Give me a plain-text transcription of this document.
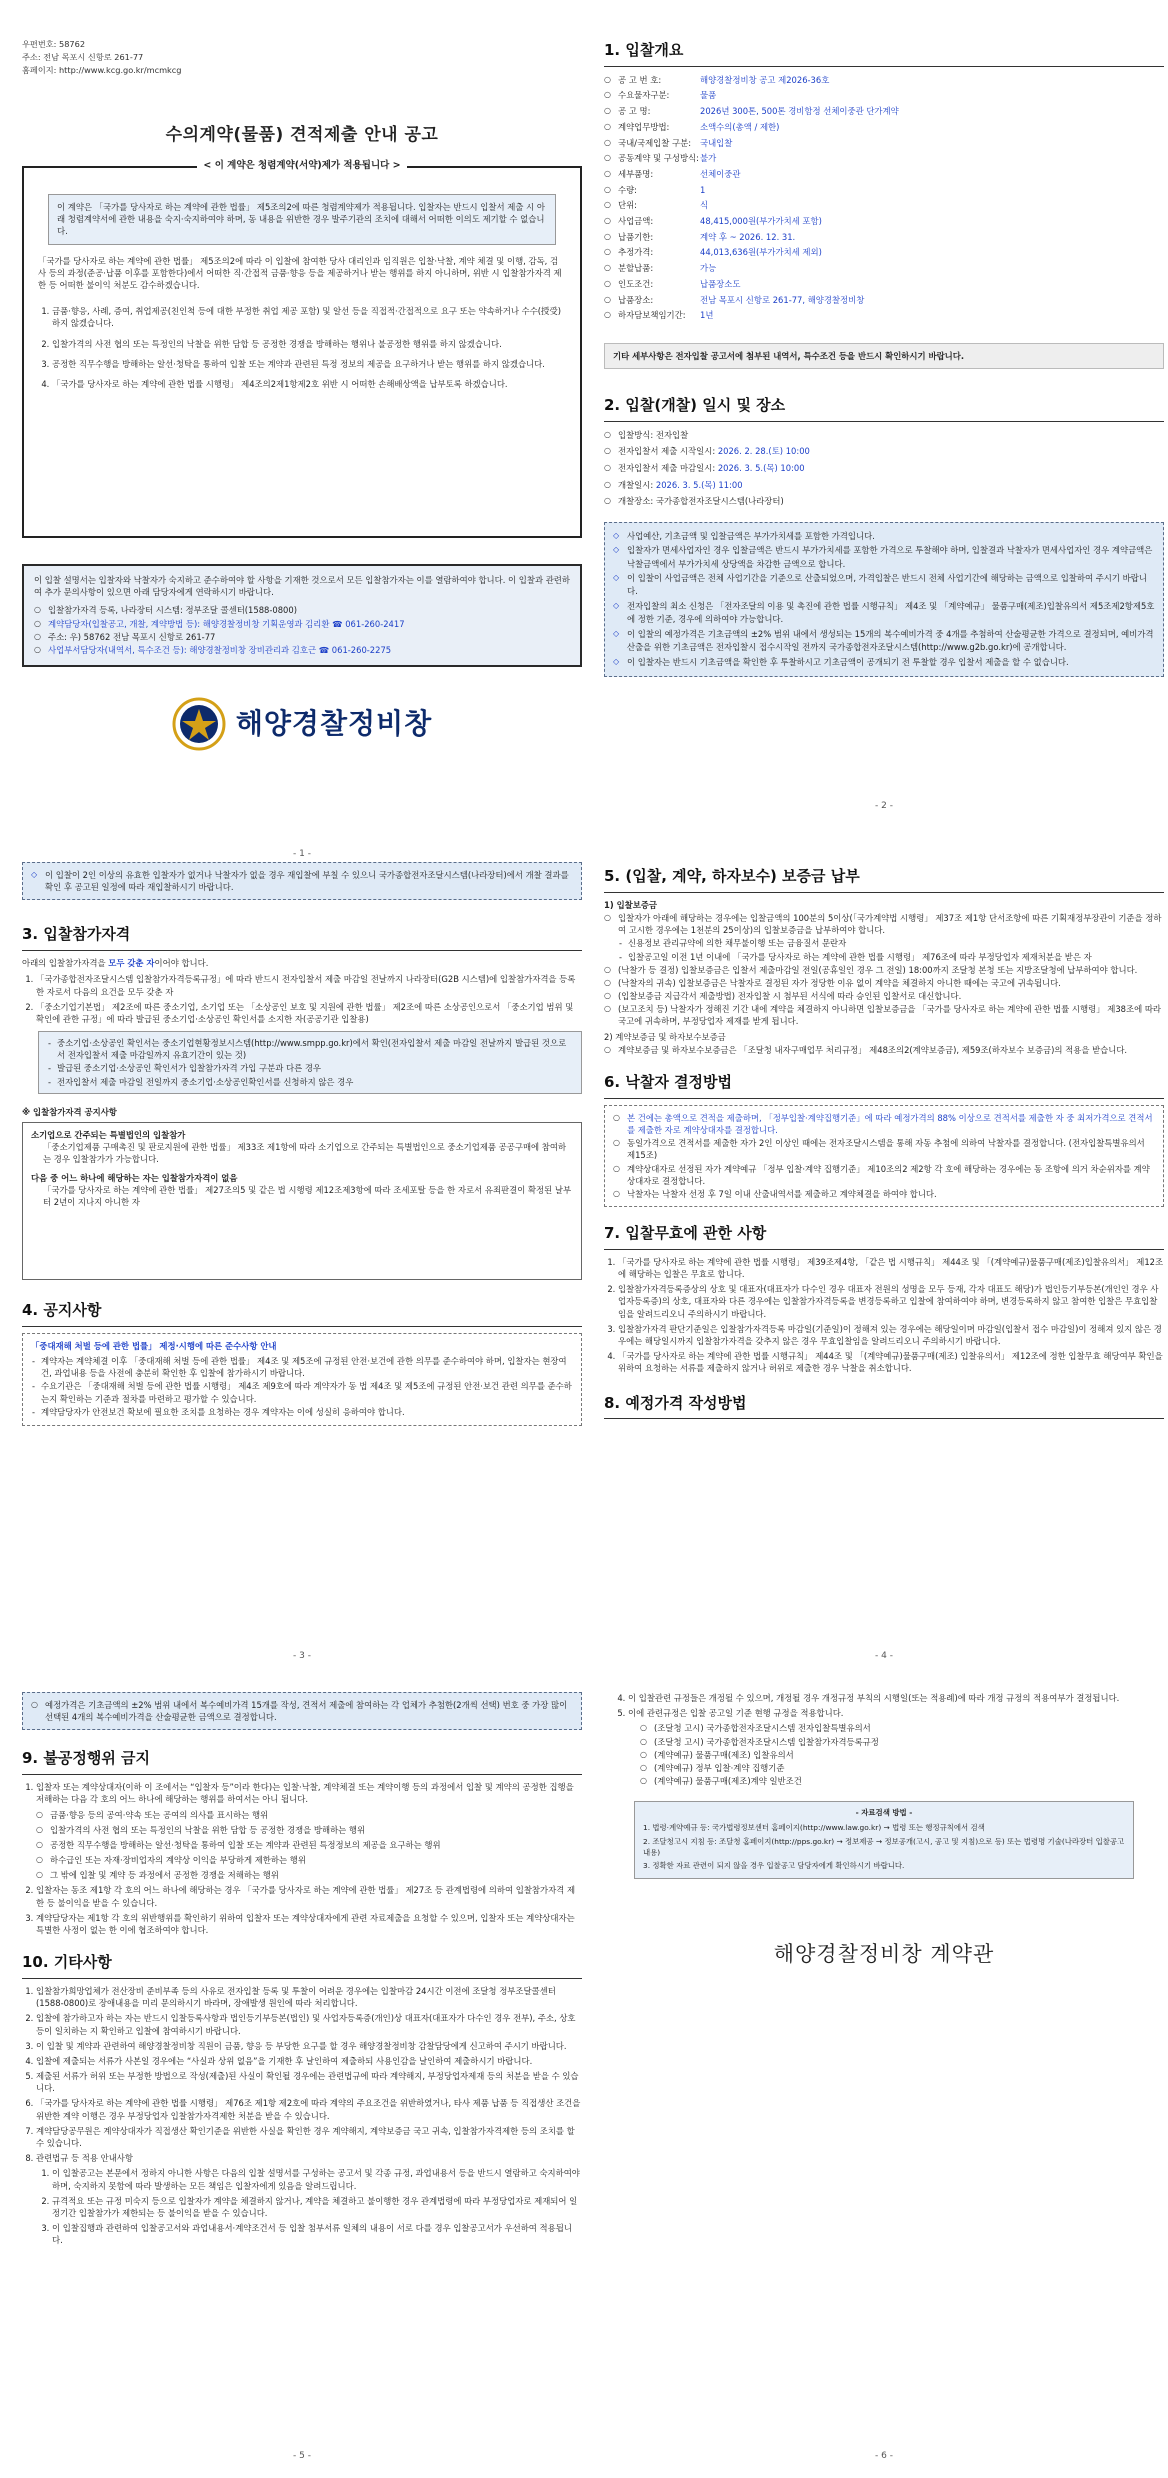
우편번호: 58762
주소: 전남 목포시 신항로 261-77
홈페이지: http://www.kcg.go.kr/mcmkcg
수의계약(물품) 견적제출 안내 공고
< 이 계약은 청렴계약(서약)제가 적용됩니다 >
이 계약은 「국가를 당사자로 하는 계약에 관한 법률」 제5조의2에 따른 청렴계약제가 적용됩니다. 입찰자는 반드시 입찰서 제출 시 아래 청렴계약서에 관한 내용을 숙지·숙지하여야 하며, 동 내용을 위반한 경우 발주기관의 조치에 대해서 어떠한 이의도 제기할 수 없습니다.
「국가를 당사자로 하는 계약에 관한 법률」 제5조의2에 따라 이 입찰에 참여한 당사 대리인과 임직원은 입찰·낙찰, 계약 체결 및 이행, 감독, 검사 등의 과정(준공·납품 이후를 포함한다)에서 어떠한 직·간접적 금품·향응 등을 제공하거나 받는 행위를 하지 아니하며, 위반 시 입찰참가자격 제한 등 어떠한 불이익 처분도 감수하겠습니다.
1. 금품·향응, 사례, 증여, 취업제공(친인척 등에 대한 부정한 취업 제공 포함) 및 알선 등을 직접적·간접적으로 요구 또는 약속하거나 수수(授受)하지 않겠습니다.
2. 입찰가격의 사전 협의 또는 특정인의 낙찰을 위한 담합 등 공정한 경쟁을 방해하는 행위나 불공정한 행위를 하지 않겠습니다.
3. 공정한 직무수행을 방해하는 알선·청탁을 통하여 입찰 또는 계약과 관련된 특정 정보의 제공을 요구하거나 받는 행위를 하지 않겠습니다.
4. 「국가를 당사자로 하는 계약에 관한 법률 시행령」 제4조의2제1항제2호 위반 시 어떠한 손해배상액을 납부토록 하겠습니다.
이 입찰 설명서는 입찰자와 낙찰자가 숙지하고 준수하여야 할 사항을 기재한 것으로서 모든 입찰참가자는 이를 열람하여야 합니다. 이 입찰과 관련하여 추가 문의사항이 있으면 아래 담당자에게 연락하시기 바랍니다.
○ 입찰참가자격 등록, 나라장터 시스템: 정부조달 콜센터(1588-0800)
○ 계약담당자(입찰공고, 개찰, 계약방법 등): 해양경찰정비창 기획운영과 김리환 ☎ 061-260-2417
○ 주소: 우) 58762 전남 목포시 신항로 261-77
○ 사업부서담당자(내역서, 특수조건 등): 해양경찰정비창 장비관리과 김호근 ☎ 061-260-2275
해양경찰정비창
- 1 -
1. 입찰개요
○ 공 고 번 호:	해양경찰정비창 공고 제2026-36호
○ 수요물자구분:	물품
○ 공 고 명:	2026년 300톤, 500톤 경비함정 선체이중관 단가계약
○ 계약업무방법:	소액수의(총액 / 제한)
○ 국내/국제입찰 구분: 국내입찰
○ 공동계약 및 구성방식:불가
○ 세부품명:	선체이중관
○ 수량:	1
○ 단위:	식
○ 사업금액:	48,415,000원(부가가치세 포함)
○ 납품기한:	계약 후 ~ 2026. 12. 31.
○ 추정가격:	44,013,636원(부가가치세 제외)
○ 분할납품:	가능
○ 인도조건:	납품장소도
○ 납품장소:	전남 목포시 신항로 261-77, 해양경찰정비창
○ 하자담보책임기간: 1년
기타 세부사항은 전자입찰 공고서에 첨부된 내역서, 특수조건 등을 반드시 확인하시기 바랍니다.
2. 입찰(개찰) 일시 및 장소
○ 입찰방식: 전자입찰
○ 전자입찰서 제출 시작일시: 2026. 2. 28.(토) 10:00
○ 전자입찰서 제출 마감일시: 2026. 3. 5.(목) 10:00
○ 개찰일시: 2026. 3. 5.(목) 11:00
○ 개찰장소: 국가종합전자조달시스템(나라장터)
◇ 사업예산, 기초금액 및 입찰금액은 부가가치세를 포함한 가격입니다.
◇ 입찰자가 면세사업자인 경우 입찰금액은 반드시 부가가치세를 포함한 가격으로 투찰해야 하며, 입찰결과 낙찰자가 면세사업자인 경우 계약금액은 낙찰금액에서 부가가치세 상당액을 차감한 금액으로 합니다.
◇ 이 입찰이 사업금액은 전체 사업기간을 기준으로 산출되었으며, 가격입찰은 반드시 전체 사업기간에 해당하는 금액으로 입찰하여 주시기 바랍니다.
◇ 전자입찰의 최소 신청은 「전자조달의 이용 및 촉진에 관한 법률 시행규칙」 제4조 및 「계약예규」 물품구매(제조)입찰유의서 제5조제2항제5호에 정한 기준, 경우에 의하여야 가능합니다.
◇ 이 입찰의 예정가격은 기초금액의 ±2% 범위 내에서 생성되는 15개의 복수예비가격 중 4개를 추첨하여 산술평균한 가격으로 결정되며, 예비가격 산출을 위한 기초금액은 전자입찰시 접수시작일 전까지 국가종합전자조달시스템(http://www.g2b.go.kr)에 공개합니다.
◇ 이 입찰자는 반드시 기초금액을 확인한 후 투찰하시고 기초금액이 공개되기 전 투찰할 경우 입찰서 제출을 할 수 없습니다.
- 2 -
◇ 이 입찰이 2인 이상의 유효한 입찰자가 없거나 낙찰자가 없을 경우 재입찰에 부칠 수 있으니 국가종합전자조달시스템(나라장터)에서 개찰 결과를 확인 후 공고된 일정에 따라 재입찰하시기 바랍니다.
3. 입찰참가자격
아래의 입찰참가자격을 모두 갖춘 자이어야 합니다.
1. 「국가종합전자조달시스템 입찰참가자격등록규정」에 따라 반드시 전자입찰서 제출 마감일 전날까지 나라장터(G2B 시스템)에 입찰참가자격을 등록한 자로서 다음의 요건을 모두 갖춘 자
2. 「중소기업기본법」 제2조에 따른 중소기업, 소기업 또는 「소상공인 보호 및 지원에 관한 법률」 제2조에 따른 소상공인으로서 「중소기업 범위 및 확인에 관한 규정」에 따라 발급된 중소기업·소상공인 확인서를 소지한 자(공공기관 입찰용)
- 중소기업·소상공인 확인서는 중소기업현황정보시스템(http://www.smpp.go.kr)에서 확인(전자입찰서 제출 마감일 전날까지 발급된 것으로서 전자입찰서 제출 마감일까지 유효기간이 있는 것)
- 발급된 중소기업·소상공인 확인서가 입찰참가자격 가입 구분과 다른 경우
- 전자입찰서 제출 마감일 전일까지 중소기업·소상공인확인서를 신청하지 않은 경우
※ 입찰참가자격 공지사항
소기업으로 간주되는 특별법인의 입찰참가
「중소기업제품 구매촉진 및 판로지원에 관한 법률」 제33조 제1항에 따라 소기업으로 간주되는 특별법인으로 중소기업제품 공공구매에 참여하는 경우 입찰참가가 가능합니다.
다음 중 어느 하나에 해당하는 자는 입찰참가자격이 없음
「국가를 당사자로 하는 계약에 관한 법률」 제27조의5 및 같은 법 시행령 제12조제3항에 따라 조세포탈 등을 한 자로서 유죄판결이 확정된 날부터 2년이 지나지 아니한 자
4. 공지사항
「중대재해 처벌 등에 관한 법률」 제정·시행에 따른 준수사항 안내
- 계약자는 계약체결 이후 「중대재해 처벌 등에 관한 법률」 제4조 및 제5조에 규정된 안전·보건에 관한 의무를 준수하여야 하며, 입찰자는 현장여건, 과업내용 등을 사전에 충분히 확인한 후 입찰에 참가하시기 바랍니다.
- 수요기관은 「중대재해 처벌 등에 관한 법률 시행령」 제4조 제9호에 따라 계약자가 동 법 제4조 및 제5조에 규정된 안전·보건 관련 의무를 준수하는지 확인하는 기준과 절차를 마련하고 평가할 수 있습니다.
- 계약담당자가 안전보건 확보에 필요한 조치를 요청하는 경우 계약자는 이에 성실히 응하여야 합니다.
- 3 -
5. (입찰, 계약, 하자보수) 보증금 납부
1) 입찰보증금
○ 입찰자가 아래에 해당하는 경우에는 입찰금액의 100분의 5이상(「국가계약법 시행령」 제37조 제1항 단서조항에 따른 기획재정부장관이 기준을 정하여 고시한 경우에는 1천분의 25이상)의 입찰보증금을 납부하여야 합니다.
- 신용정보 관리규약에 의한 채무불이행 또는 금융질서 문란자
- 입찰공고일 이전 1년 이내에 「국가를 당사자로 하는 계약에 관한 법률 시행령」 제76조에 따라 부정당업자 제재처분을 받은 자
○ (낙찰가 등 결정) 입찰보증금은 입찰서 제출마감일 전일(공휴일인 경우 그 전일) 18:00까지 조달청 본청 또는 지방조달청에 납부하여야 합니다.
○ (낙찰자의 귀속) 입찰보증금은 낙찰자로 결정된 자가 정당한 이유 없이 계약을 체결하지 아니한 때에는 국고에 귀속됩니다.
○ (입찰보증금 지급각서 제출방법) 전자입찰 시 첨부된 서식에 따라 승인된 입찰서로 대신합니다.
○ (보고조치 등) 낙찰자가 정해진 기간 내에 계약을 체결하지 아니하면 입찰보증금을 「국가를 당사자로 하는 계약에 관한 법률 시행령」 제38조에 따라 국고에 귀속하며, 부정당업자 제재를 받게 됩니다.
2) 계약보증금 및 하자보수보증금
○ 계약보증금 및 하자보수보증금은 「조달청 내자구매업무 처리규정」 제48조의2(계약보증금), 제59조(하자보수 보증금)의 적용을 받습니다.
6. 낙찰자 결정방법
○ 본 건에는 총액으로 견적을 제출하며, 「정부입찰·계약집행기준」에 따라 예정가격의 88% 이상으로 견적서를 제출한 자 중 최저가격으로 견적서를 제출한 자로 계약상대자를 결정합니다.
○ 동일가격으로 견적서를 제출한 자가 2인 이상인 때에는 전자조달시스템을 통해 자동 추첨에 의하여 낙찰자를 결정합니다. (전자입찰특별유의서 제15조)
○ 계약상대자로 선정된 자가 계약예규 「정부 입찰·계약 집행기준」 제10조의2 제2항 각 호에 해당하는 경우에는 동 조항에 의거 차순위자를 계약상대자로 결정합니다.
○ 낙찰자는 낙찰자 선정 후 7일 이내 산출내역서를 제출하고 계약체결을 하여야 합니다.
7. 입찰무효에 관한 사항
1. 「국가를 당사자로 하는 계약에 관한 법률 시행령」 제39조제4항, 「같은 법 시행규칙」 제44조 및 「(계약예규)물품구매(제조)입찰유의서」 제12조에 해당하는 입찰은 무효로 합니다.
2. 입찰참가자격등록증상의 상호 및 대표자(대표자가 다수인 경우 대표자 전원의 성명을 모두 등재, 각자 대표도 해당)가 법인등기부등본(개인인 경우 사업자등록증)의 상호, 대표자와 다른 경우에는 입찰참가자격등록을 변경등록하고 입찰에 참여하여야 하며, 변경등록하지 않고 참여한 입찰은 무효입찰임을 알려드리오니 주의하시기 바랍니다.
3. 입찰참가자격 판단기준일은 입찰참가자격등록 마감일(기준일)이 정해져 있는 경우에는 해당일이며 마감일(입찰서 접수 마감일)이 정해져 있지 않은 경우에는 해당일시까지 입찰참가자격을 갖추지 않은 경우 무효입찰임을 알려드리오니 주의하시기 바랍니다.
4. 「국가를 당사자로 하는 계약에 관한 법률 시행규칙」 제44조 및 「(계약예규)물품구매(제조) 입찰유의서」 제12조에 정한 입찰무효 해당여부 확인을 위하여 요청하는 서류를 제출하지 않거나 허위로 제출한 경우 낙찰을 취소합니다.
8. 예정가격 작성방법
- 4 -
○ 예정가격은 기초금액의 ±2% 범위 내에서 복수예비가격 15개를 작성, 견적서 제출에 참여하는 각 업체가 추첨한(2개씩 선택) 번호 중 가장 많이 선택된 4개의 복수예비가격을 산술평균한 금액으로 결정합니다.
9. 불공정행위 금지
1. 입찰자 또는 계약상대자(이하 이 조에서는 “입찰자 등”이라 한다)는 입찰·낙찰, 계약체결 또는 계약이행 등의 과정에서 입찰 및 계약의 공정한 집행을 저해하는 다음 각 호의 어느 하나에 해당하는 행위를 하여서는 아니 됩니다.
○ 금품·향응 등의 공여·약속 또는 공여의 의사를 표시하는 행위
○ 입찰가격의 사전 협의 또는 특정인의 낙찰을 위한 담합 등 공정한 경쟁을 방해하는 행위
○ 공정한 직무수행을 방해하는 알선·청탁을 통하여 입찰 또는 계약과 관련된 특정정보의 제공을 요구하는 행위
○ 하수급인 또는 자재·장비업자의 계약상 이익을 부당하게 제한하는 행위
○ 그 밖에 입찰 및 계약 등 과정에서 공정한 경쟁을 저해하는 행위
2. 입찰자는 동조 제1항 각 호의 어느 하나에 해당하는 경우 「국가를 당사자로 하는 계약에 관한 법률」 제27조 등 관계법령에 의하여 입찰참가자격 제한 등 불이익을 받을 수 있습니다.
3. 계약담당자는 제1항 각 호의 위반행위를 확인하기 위하여 입찰자 또는 계약상대자에게 관련 자료제출을 요청할 수 있으며, 입찰자 또는 계약상대자는 특별한 사정이 없는 한 이에 협조하여야 합니다.
10. 기타사항
1. 입찰참가희망업체가 전산장비 준비부족 등의 사유로 전자입찰 등록 및 투찰이 어려운 경우에는 입찰마감 24시간 이전에 조달청 정부조달콜센터(1588-0800)로 장애내용을 미리 문의하시기 바라며, 장애발생 원인에 따라 처리합니다.
2. 입찰에 참가하고자 하는 자는 반드시 입찰등록사항과 법인등기부등본(법인) 및 사업자등록증(개인)상 대표자(대표자가 다수인 경우 전부), 주소, 상호 등이 일치하는 지 확인하고 입찰에 참여하시기 바랍니다.
3. 이 입찰 및 계약과 관련하여 해양경찰정비창 직원이 금품, 향응 등 부당한 요구를 할 경우 해양경찰정비창 감찰담당에게 신고하여 주시기 바랍니다.
4. 입찰에 제출되는 서류가 사본일 경우에는 “사실과 상위 없음”을 기재한 후 날인하여 제출하되 사용인감을 날인하여 제출하시기 바랍니다.
5. 제출된 서류가 허위 또는 부정한 방법으로 작성(제출)된 사실이 확인될 경우에는 관련법규에 따라 계약해지, 부정당업자제재 등의 처분을 받을 수 있습니다.
6. 「국가를 당사자로 하는 계약에 관한 법률 시행령」 제76조 제1항 제2호에 따라 계약의 주요조건을 위반하였거나, 타사 제품 납품 등 직접생산 조건을 위반한 계약 이행은 경우 부정당업자 입찰참가자격제한 처분을 받을 수 있습니다.
7. 계약담당공무원은 계약상대자가 직접생산 확인기준을 위반한 사실을 확인한 경우 계약해지, 계약보증금 국고 귀속, 입찰참가자격제한 등의 조치를 할 수 있습니다.
8. 관련법규 등 적용 안내사항
1. 이 입찰공고는 본문에서 정하지 아니한 사항은 다음의 입찰 설명서를 구성하는 공고서 및 각종 규정, 과업내용서 등을 반드시 열람하고 숙지하여야 하며, 숙지하지 못함에 따라 발생하는 모든 책임은 입찰자에게 있음을 알려드립니다.
2. 규격적요 또는 규정 미숙지 등으로 입찰자가 계약을 체결하지 않거나, 계약을 체결하고 불이행한 경우 관계법령에 따라 부정당업자로 제재되어 일정기간 입찰참가가 제한되는 등 불이익을 받을 수 있습니다.
3. 이 입찰집행과 관련하여 입찰공고서와 과업내용서·계약조건서 등 입찰 첨부서류 일체의 내용이 서로 다를 경우 입찰공고서가 우선하여 적용됩니다.
- 5 -
4. 이 입찰관련 규정들은 개정될 수 있으며, 개정될 경우 개정규정 부칙의 시행일(또는 적용례)에 따라 개정 규정의 적용여부가 결정됩니다.
5. 이에 관련규정은 입찰 공고일 기준 현행 규정을 적용합니다.
○ (조달청 고시) 국가종합전자조달시스템 전자입찰특별유의서
○ (조달청 고시) 국가종합전자조달시스템 입찰참가자격등록규정
○ (계약예규) 물품구매(제조) 입찰유의서
○ (계약예규) 정부 입찰·계약 집행기준
○ (계약예규) 물품구매(제조)계약 일반조건
- 자료검색 방법 -
1. 법령·계약예규 등: 국가법령정보센터 홈페이지(http://www.law.go.kr) → 법령 또는 행정규칙에서 검색
2. 조달청고시 지침 등: 조달청 홈페이지(http://pps.go.kr) → 정보제공 → 정보공개(고시, 공고 및 지침)으로 등) 또는 법령명 기술(나라장터 입찰공고 내용)
3. 정확한 자료 관련이 되지 않을 경우 입찰공고 담당자에게 확인하시기 바랍니다.
해양경찰정비창 계약관
- 6 -
